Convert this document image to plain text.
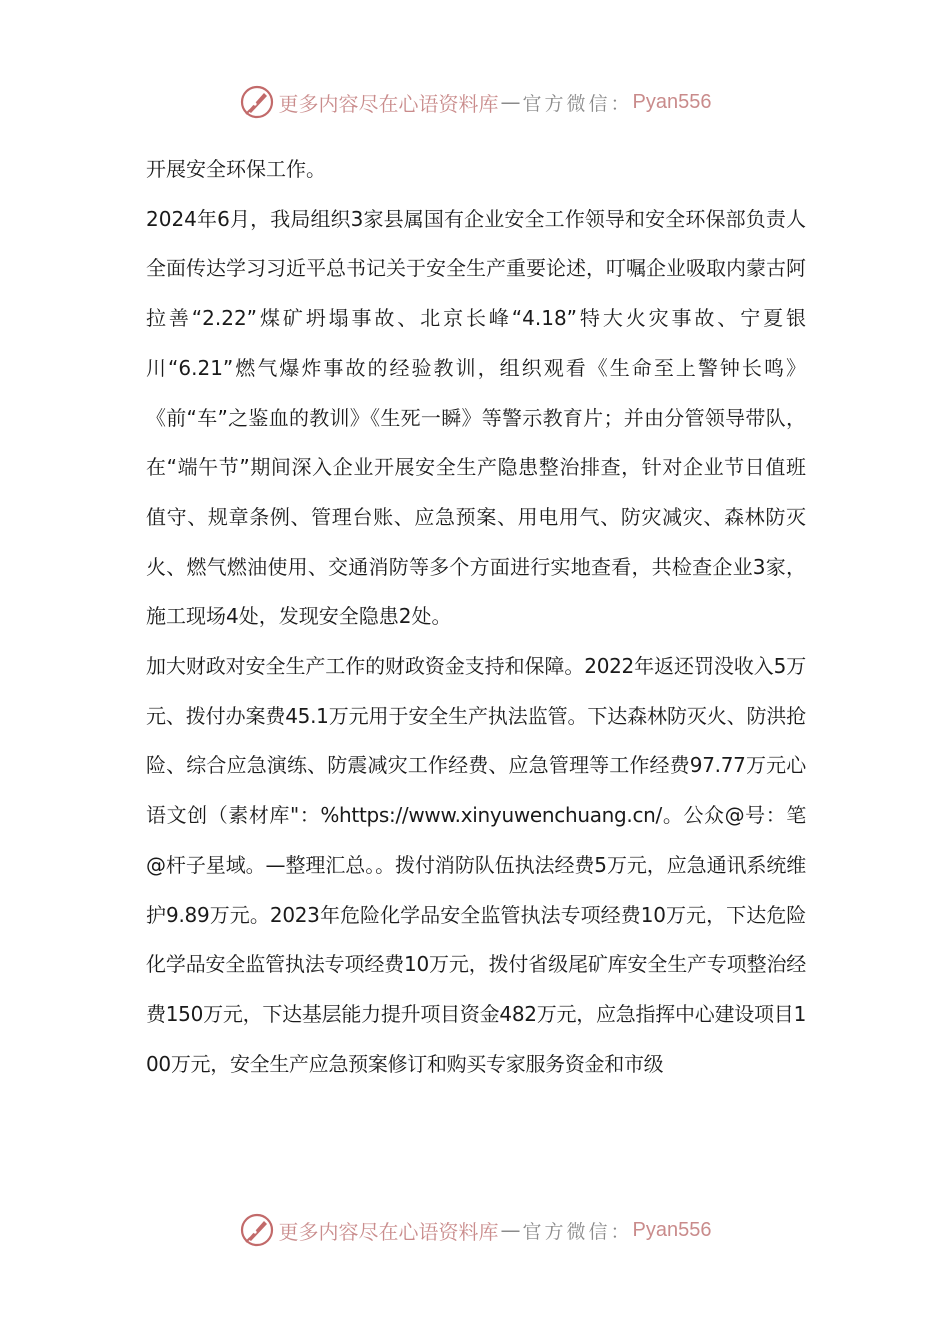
更多内容尽在心语资料库 — 官方微信： Pyan556

开展安全环保工作。

2024年6月，我局组织3家县属国有企业安全工作领导和安全环保部负责人全面传达学习习近平总书记关于安全生产重要论述，叮嘱企业吸取内蒙古阿拉善“2.22”煤矿坍塌事故、北京长峰“4.18”特大火灾事故、宁夏银川“6.21”燃气爆炸事故的经验教训，组织观看《生命至上警钟长鸣》《前“车”之鉴血的教训》《生死一瞬》等警示教育片；并由分管领导带队，在“端午节”期间深入企业开展安全生产隐患整治排查，针对企业节日值班值守、规章条例、管理台账、应急预案、用电用气、防灾减灾、森林防灭火、燃气燃油使用、交通消防等多个方面进行实地查看，共检查企业3家，施工现场4处，发现安全隐患2处。

加大财政对安全生产工作的财政资金支持和保障。2022年返还罚没收入5万元、拨付办案费45.1万元用于安全生产执法监管。下达森林防灭火、防洪抢险、综合应急演练、防震减灾工作经费、应急管理等工作经费97.77万元心语文创（素材库"：%https://www.xinyuwenchuang.cn/。公众@号：笔@杆子星域。—整理汇总。。拨付消防队伍执法经费5万元，应急通讯系统维护9.89万元。2023年危险化学品安全监管执法专项经费10万元，下达危险化学品安全监管执法专项经费10万元，拨付省级尾矿库安全生产专项整治经费150万元，下达基层能力提升项目资金482万元，应急指挥中心建设项目100万元，安全生产应急预案修订和购买专家服务资金和市级

更多内容尽在心语资料库 — 官方微信： Pyan556
